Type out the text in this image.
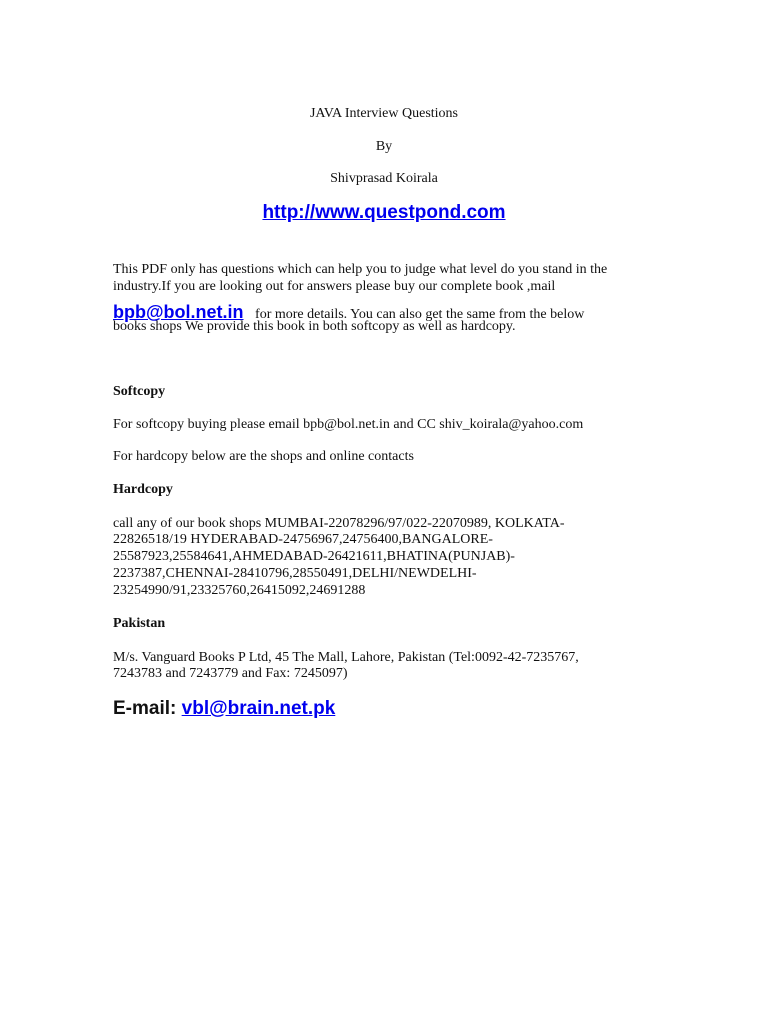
JAVA Interview Questions
By
Shivprasad Koirala
http://www.questpond.com
This PDF only has questions which can help you to judge what level do you stand in the
industry.If you are looking out for answers please buy our complete book ,mail
bpb@bol.net.in for more details. You can also get the same from the below
books shops We provide this book in both softcopy as well as hardcopy.
Softcopy
For softcopy buying please email bpb@bol.net.in and CC shiv_koirala@yahoo.com
For hardcopy below are the shops and online contacts
Hardcopy
call any of our book shops MUMBAI-22078296/97/022-22070989, KOLKATA-
22826518/19 HYDERABAD-24756967,24756400,BANGALORE-
25587923,25584641,AHMEDABAD-26421611,BHATINA(PUNJAB)-
2237387,CHENNAI-28410796,28550491,DELHI/NEWDELHI-
23254990/91,23325760,26415092,24691288
Pakistan
M/s. Vanguard Books P Ltd, 45 The Mall, Lahore, Pakistan (Tel:0092-42-7235767,
7243783 and 7243779 and Fax: 7245097)
E-mail: vbl@brain.net.pk
